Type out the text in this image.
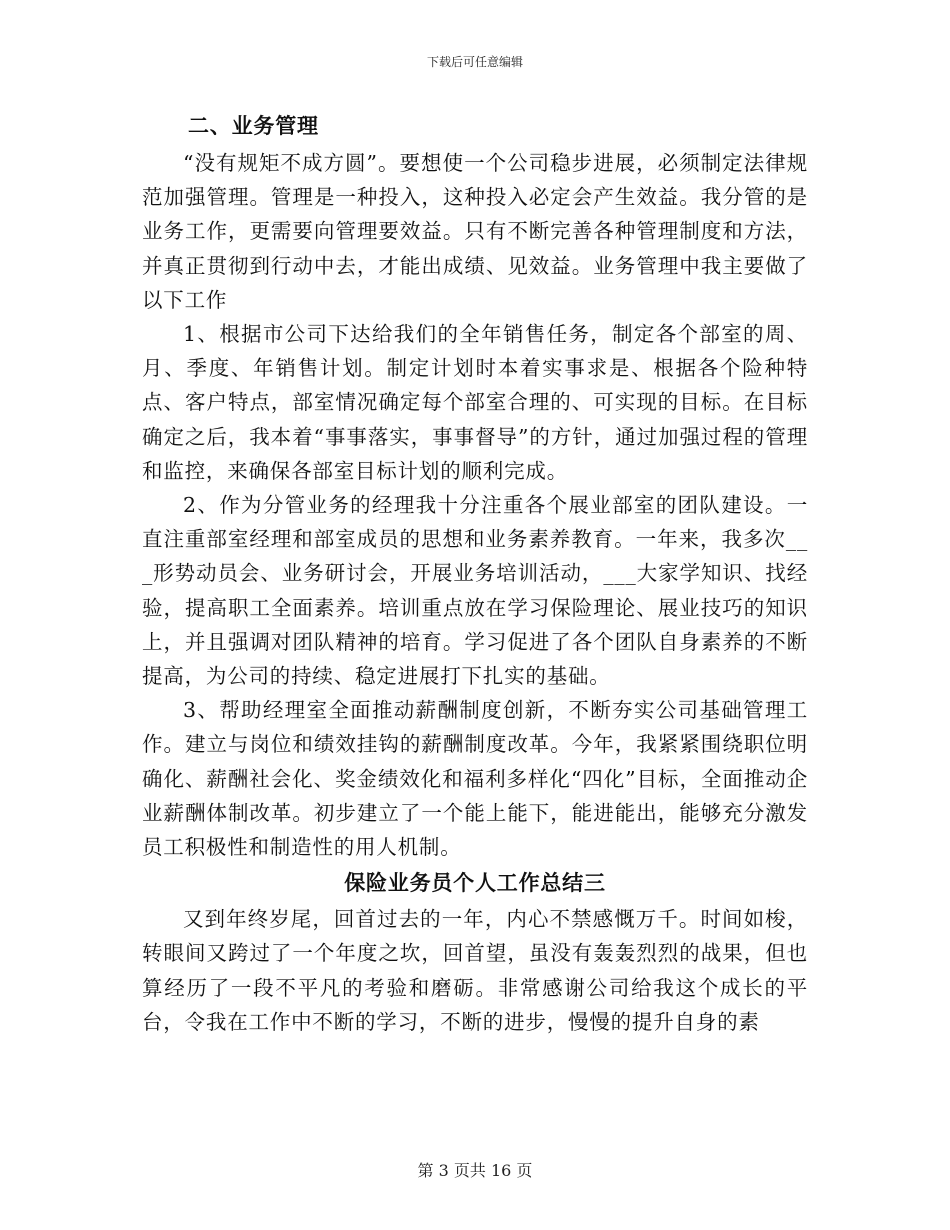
下载后可任意编辑

二、业务管理

“没有规矩不成方圆”。要想使一个公司稳步进展，必须制定法律规范加强管理。管理是一种投入，这种投入必定会产生效益。我分管的是业务工作，更需要向管理要效益。只有不断完善各种管理制度和方法，并真正贯彻到行动中去，才能出成绩、见效益。业务管理中我主要做了以下工作

1、根据市公司下达给我们的全年销售任务，制定各个部室的周、月、季度、年销售计划。制定计划时本着实事求是、根据各个险种特点、客户特点，部室情况确定每个部室合理的、可实现的目标。在目标确定之后，我本着“事事落实，事事督导”的方针，通过加强过程的管理和监控，来确保各部室目标计划的顺利完成。

2、作为分管业务的经理我十分注重各个展业部室的团队建设。一直注重部室经理和部室成员的思想和业务素养教育。一年来，我多次___形势动员会、业务研讨会，开展业务培训活动，___大家学知识、找经验，提高职工全面素养。培训重点放在学习保险理论、展业技巧的知识上，并且强调对团队精神的培育。学习促进了各个团队自身素养的不断提高，为公司的持续、稳定进展打下扎实的基础。

3、帮助经理室全面推动薪酬制度创新，不断夯实公司基础管理工作。建立与岗位和绩效挂钩的薪酬制度改革。今年，我紧紧围绕职位明确化、薪酬社会化、奖金绩效化和福利多样化“四化”目标，全面推动企业薪酬体制改革。初步建立了一个能上能下，能进能出，能够充分激发员工积极性和制造性的用人机制。

保险业务员个人工作总结三

又到年终岁尾，回首过去的一年，内心不禁感慨万千。时间如梭，转眼间又跨过了一个年度之坎，回首望，虽没有轰轰烈烈的战果，但也算经历了一段不平凡的考验和磨砺。非常感谢公司给我这个成长的平台，令我在工作中不断的学习，不断的进步，慢慢的提升自身的素

第 3 页共 16 页
